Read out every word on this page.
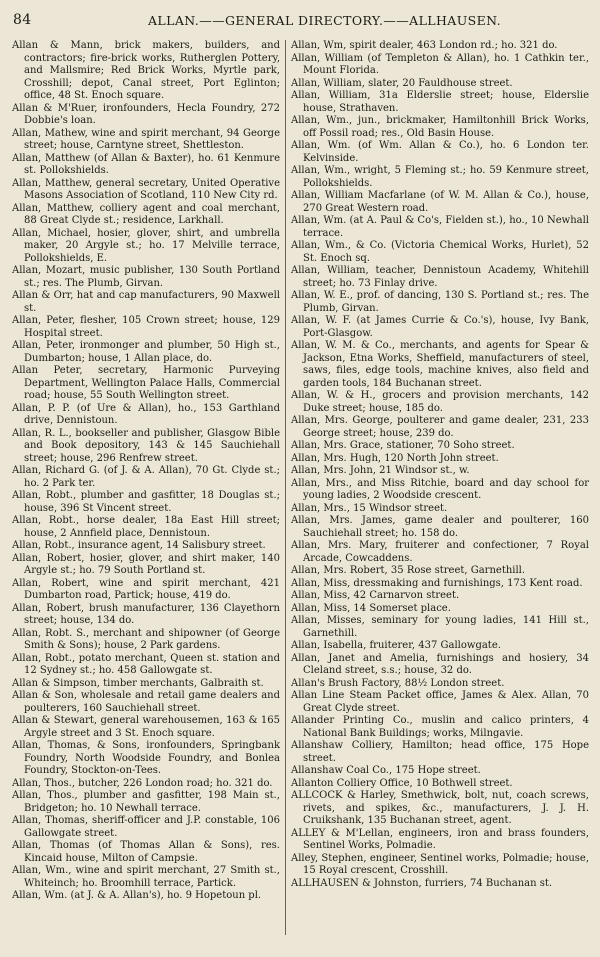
84	ALLAN.——GENERAL DIRECTORY.——ALLHAUSEN.

Allan & Mann, brick makers, builders, and contractors; fire-brick works, Rutherglen Pottery, and Mallsmire; Red Brick Works, Myrtle park, Crosshill; depot, Canal street, Port Eglinton; office, 48 St. Enoch square.

Allan & M'Ruer, ironfounders, Hecla Foundry, 272 Dobbie's loan.

Allan, Mathew, wine and spirit merchant, 94 George street; house, Carntyne street, Shettleston.

Allan, Matthew (of Allan & Baxter), ho. 61 Kenmure st. Pollokshields.

Allan, Matthew, general secretary, United Operative Masons Association of Scotland, 110 New City rd.

Allan, Matthew, colliery agent and coal merchant, 88 Great Clyde st.; residence, Larkhall.

Allan, Michael, hosier, glover, shirt, and umbrella maker, 20 Argyle st.; ho. 17 Melville terrace, Pollokshields, E.

Allan, Mozart, music publisher, 130 South Portland st.; res. The Plumb, Girvan.

Allan & Orr, hat and cap manufacturers, 90 Maxwell st.

Allan, Peter, flesher, 105 Crown street; house, 129 Hospital street.

Allan, Peter, ironmonger and plumber, 50 High st., Dumbarton; house, 1 Allan place, do.

Allan Peter, secretary, Harmonic Purveying Department, Wellington Palace Halls, Commercial road; house, 55 South Wellington street.

Allan, P. P. (of Ure & Allan), ho., 153 Garthland drive, Dennistoun.

Allan, R. L., bookseller and publisher, Glasgow Bible and Book depository, 143 & 145 Sauchiehall street; house, 296 Renfrew street.

Allan, Richard G. (of J. & A. Allan), 70 Gt. Clyde st.; ho. 2 Park ter.

Allan, Robt., plumber and gasfitter, 18 Douglas st.; house, 396 St Vincent street.

Allan, Robt., horse dealer, 18a East Hill street; house, 2 Annfield place, Dennistoun.

Allan, Robt., insurance agent, 14 Salisbury street.

Allan, Robert, hosier, glover, and shirt maker, 140 Argyle st.; ho. 79 South Portland st.

Allan, Robert, wine and spirit merchant, 421 Dumbarton road, Partick; house, 419 do.

Allan, Robert, brush manufacturer, 136 Clayethorn street; house, 134 do.

Allan, Robt. S., merchant and shipowner (of George Smith & Sons); house, 2 Park gardens.

Allan, Robt., potato merchant, Queen st. station and 12 Sydney st.; ho. 458 Gallowgate st.

Allan & Simpson, timber merchants, Galbraith st.

Allan & Son, wholesale and retail game dealers and poulterers, 160 Sauchiehall street.

Allan & Stewart, general warehousemen, 163 & 165 Argyle street and 3 St. Enoch square.

Allan, Thomas, & Sons, ironfounders, Springbank Foundry, North Woodside Foundry, and Bonlea Foundry, Stockton-on-Tees.

Allan, Thos., butcher, 226 London road; ho. 321 do.

Allan, Thos., plumber and gasfitter, 198 Main st., Bridgeton; ho. 10 Newhall terrace.

Allan, Thomas, sheriff-officer and J.P. constable, 106 Gallowgate street.

Allan, Thomas (of Thomas Allan & Sons), res. Kincaid house, Milton of Campsie.

Allan, Wm., wine and spirit merchant, 27 Smith st., Whiteinch; ho. Broomhill terrace, Partick.

Allan, Wm. (at J. & A. Allan's), ho. 9 Hopetoun pl.

Allan, Wm, spirit dealer, 463 London rd.; ho. 321 do.

Allan, William (of Templeton & Allan), ho. 1 Cathkin ter., Mount Florida.

Allan, William, slater, 20 Fauldhouse street.

Allan, William, 31a Elderslie street; house, Elderslie house, Strathaven.

Allan, Wm., jun., brickmaker, Hamiltonhill Brick Works, off Possil road; res., Old Basin House.

Allan, Wm. (of Wm. Allan & Co.), ho. 6 London ter. Kelvinside.

Allan, Wm., wright, 5 Fleming st.; ho. 59 Kenmure street, Pollokshields.

Allan, William Macfarlane (of W. M. Allan & Co.), house, 270 Great Western road.

Allan, Wm. (at A. Paul & Co's, Fielden st.), ho., 10 Newhall terrace.

Allan, Wm., & Co. (Victoria Chemical Works, Hurlet), 52 St. Enoch sq.

Allan, William, teacher, Dennistoun Academy, Whitehill street; ho. 73 Finlay drive.

Allan, W. E., prof. of dancing, 130 S. Portland st.; res. The Plumb, Girvan.

Allan, W. F. (at James Currie & Co.'s), house, Ivy Bank, Port-Glasgow.

Allan, W. M. & Co., merchants, and agents for Spear & Jackson, Etna Works, Sheffield, manufacturers of steel, saws, files, edge tools, machine knives, also field and garden tools, 184 Buchanan street.

Allan, W. & H., grocers and provision merchants, 142 Duke street; house, 185 do.

Allan, Mrs. George, poulterer and game dealer, 231, 233 George street; house, 239 do.

Allan, Mrs. Grace, stationer, 70 Soho street.

Allan, Mrs. Hugh, 120 North John street.

Allan, Mrs. John, 21 Windsor st., w.

Allan, Mrs., and Miss Ritchie, board and day school for young ladies, 2 Woodside crescent.

Allan, Mrs., 15 Windsor street.

Allan, Mrs. James, game dealer and poulterer, 160 Sauchiehall street; ho. 158 do.

Allan, Mrs. Mary, fruiterer and confectioner, 7 Royal Arcade, Cowcaddens.

Allan, Mrs. Robert, 35 Rose street, Garnethill.

Allan, Miss, dressmaking and furnishings, 173 Kent road.

Allan, Miss, 42 Carnarvon street.

Allan, Miss, 14 Somerset place.

Allan, Misses, seminary for young ladies, 141 Hill st., Garnethill.

Allan, Isabella, fruiterer, 437 Gallowgate.

Allan, Janet and Amelia, furnishings and hosiery, 34 Cleland street, s.s.; house, 32 do.

Allan's Brush Factory, 88½ London street.

Allan Line Steam Packet office, James & Alex. Allan, 70 Great Clyde street.

Allander Printing Co., muslin and calico printers, 4 National Bank Buildings; works, Milngavie.

Allanshaw Colliery, Hamilton; head office, 175 Hope street.

Allanshaw Coal Co., 175 Hope street.

Allanton Colliery Office, 10 Bothwell street.

ALLCOCK & Harley, Smethwick, bolt, nut, coach screws, rivets, and spikes, &c., manufacturers, J. J. H. Cruikshank, 135 Buchanan street, agent.

ALLEY & M'Lellan, engineers, iron and brass founders, Sentinel Works, Polmadie.

Alley, Stephen, engineer, Sentinel works, Polmadie; house, 15 Royal crescent, Crosshill.

ALLHAUSEN & Johnston, furriers, 74 Buchanan st.
